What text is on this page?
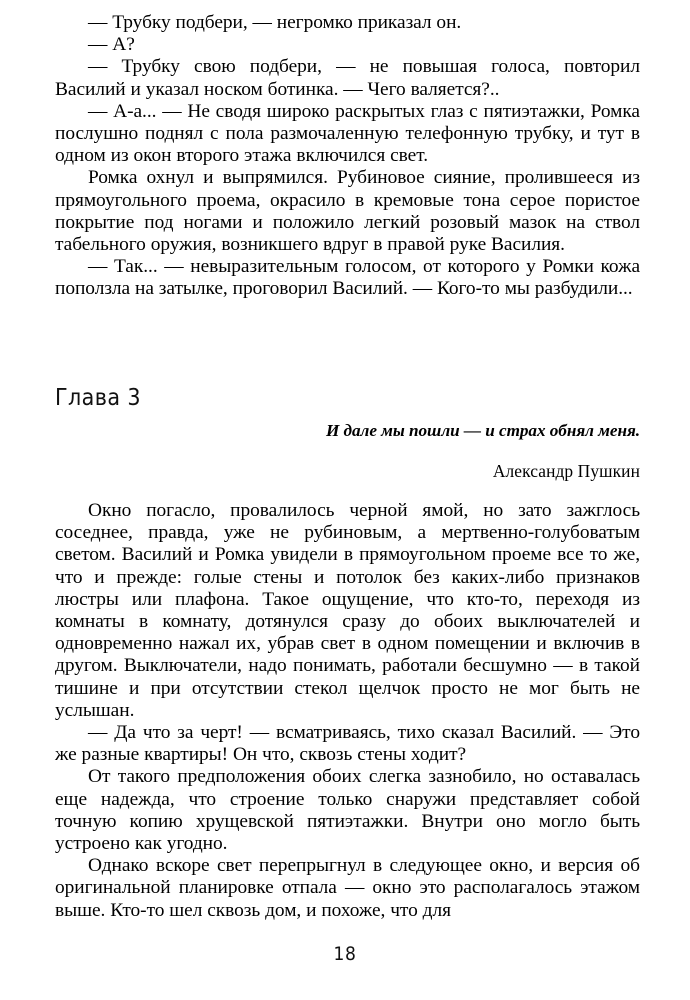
— Трубку подбери, — негромко приказал он.

— А?

— Трубку свою подбери, — не повышая голоса, повторил Василий и указал носком ботинка. — Чего валяется?..

— А-а... — Не сводя широко раскрытых глаз с пятиэтажки, Ромка послушно поднял с пола размочаленную телефонную трубку, и тут в одном из окон второго этажа включился свет.

Ромка охнул и выпрямился. Рубиновое сияние, пролившееся из прямоугольного проема, окрасило в кремовые тона серое пористое покрытие под ногами и положило легкий розовый мазок на ствол табельного оружия, возникшего вдруг в правой руке Василия.

— Так... — невыразительным голосом, от которого у Ромки кожа поползла на затылке, проговорил Василий. — Кого-то мы разбудили...

Глава 3

И дале мы пошли — и страх обнял меня.

Александр Пушкин

Окно погасло, провалилось черной ямой, но зато зажглось соседнее, правда, уже не рубиновым, а мертвенно-голубоватым светом. Василий и Ромка увидели в прямоугольном проеме все то же, что и прежде: голые стены и потолок без каких-либо признаков люстры или плафона. Такое ощущение, что кто-то, переходя из комнаты в комнату, дотянулся сразу до обоих выключателей и одновременно нажал их, убрав свет в одном помещении и включив в другом. Выключатели, надо понимать, работали бесшумно — в такой тишине и при отсутствии стекол щелчок просто не мог быть не услышан.

— Да что за черт! — всматриваясь, тихо сказал Василий. — Это же разные квартиры! Он что, сквозь стены ходит?

От такого предположения обоих слегка зазнобило, но оставалась еще надежда, что строение только снаружи представляет собой точную копию хрущевской пятиэтажки. Внутри оно могло быть устроено как угодно.

Однако вскоре свет перепрыгнул в следующее окно, и версия об оригинальной планировке отпала — окно это располагалось этажом выше. Кто-то шел сквозь дом, и похоже, что для

18
